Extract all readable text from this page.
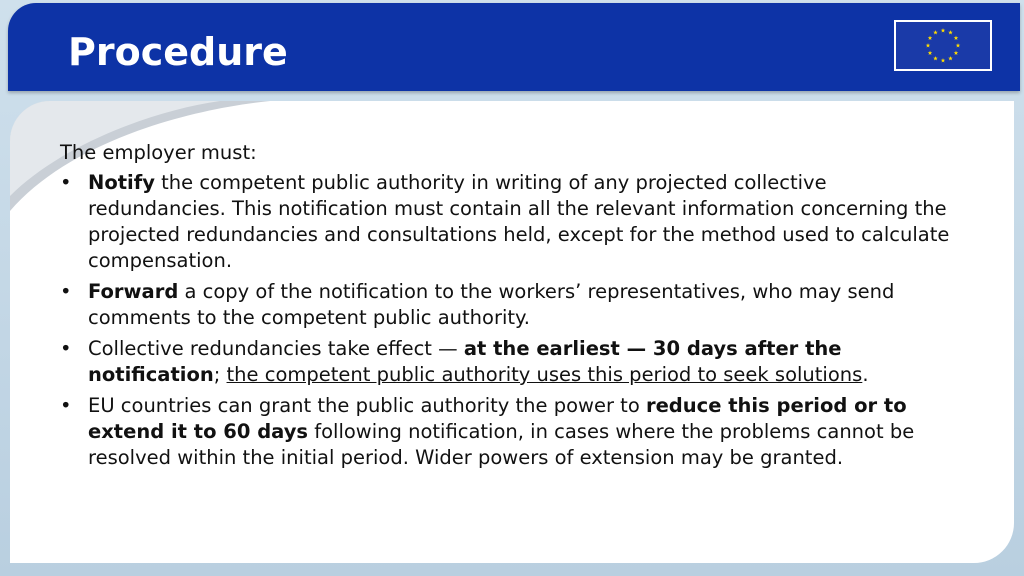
Procedure

The employer must:

• Notify the competent public authority in writing of any projected collective redundancies. This notification must contain all the relevant information concerning the projected redundancies and consultations held, except for the method used to calculate compensation.
• Forward a copy of the notification to the workers’ representatives, who may send comments to the competent public authority.
• Collective redundancies take effect — at the earliest — 30 days after the notification; the competent public authority uses this period to seek solutions.
• EU countries can grant the public authority the power to reduce this period or to extend it to 60 days following notification, in cases where the problems cannot be resolved within the initial period. Wider powers of extension may be granted.
